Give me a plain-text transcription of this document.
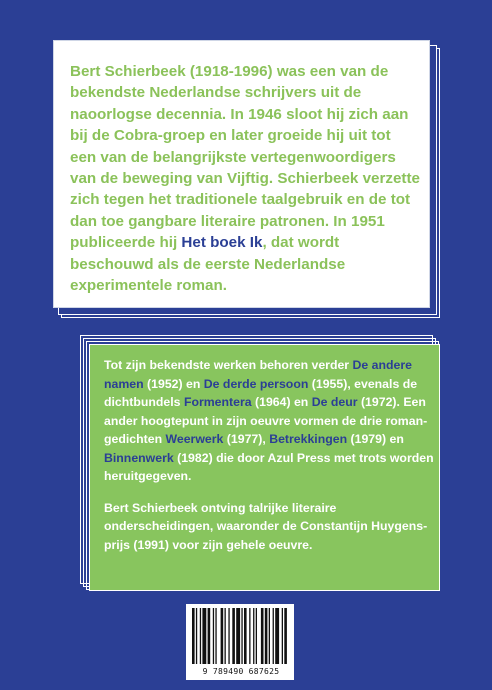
Bert Schierbeek (1918-1996) was een van de bekendste Nederlandse schrijvers uit de naoorlogse decennia. In 1946 sloot hij zich aan bij de Cobra-groep en later groeide hij uit tot een van de belangrijkste vertegenwoordigers van de beweging van Vijftig. Schierbeek verzette zich tegen het traditionele taalgebruik en de tot dan toe gangbare literaire patronen. In 1951 publiceerde hij Het boek Ik, dat wordt beschouwd als de eerste Nederlandse experimentele roman.

Tot zijn bekendste werken behoren verder De andere namen (1952) en De derde persoon (1955), evenals de dichtbundels Formentera (1964) en De deur (1972). Een ander hoogtepunt in zijn oeuvre vormen de drie romangedichten Weerwerk (1977), Betrekkingen (1979) en Binnenwerk (1982) die door Azul Press met trots worden heruitgegeven.

Bert Schierbeek ontving talrijke literaire onderscheidingen, waaronder de Constantijn Huygens-prijs (1991) voor zijn gehele oeuvre.

9 789490 687625
